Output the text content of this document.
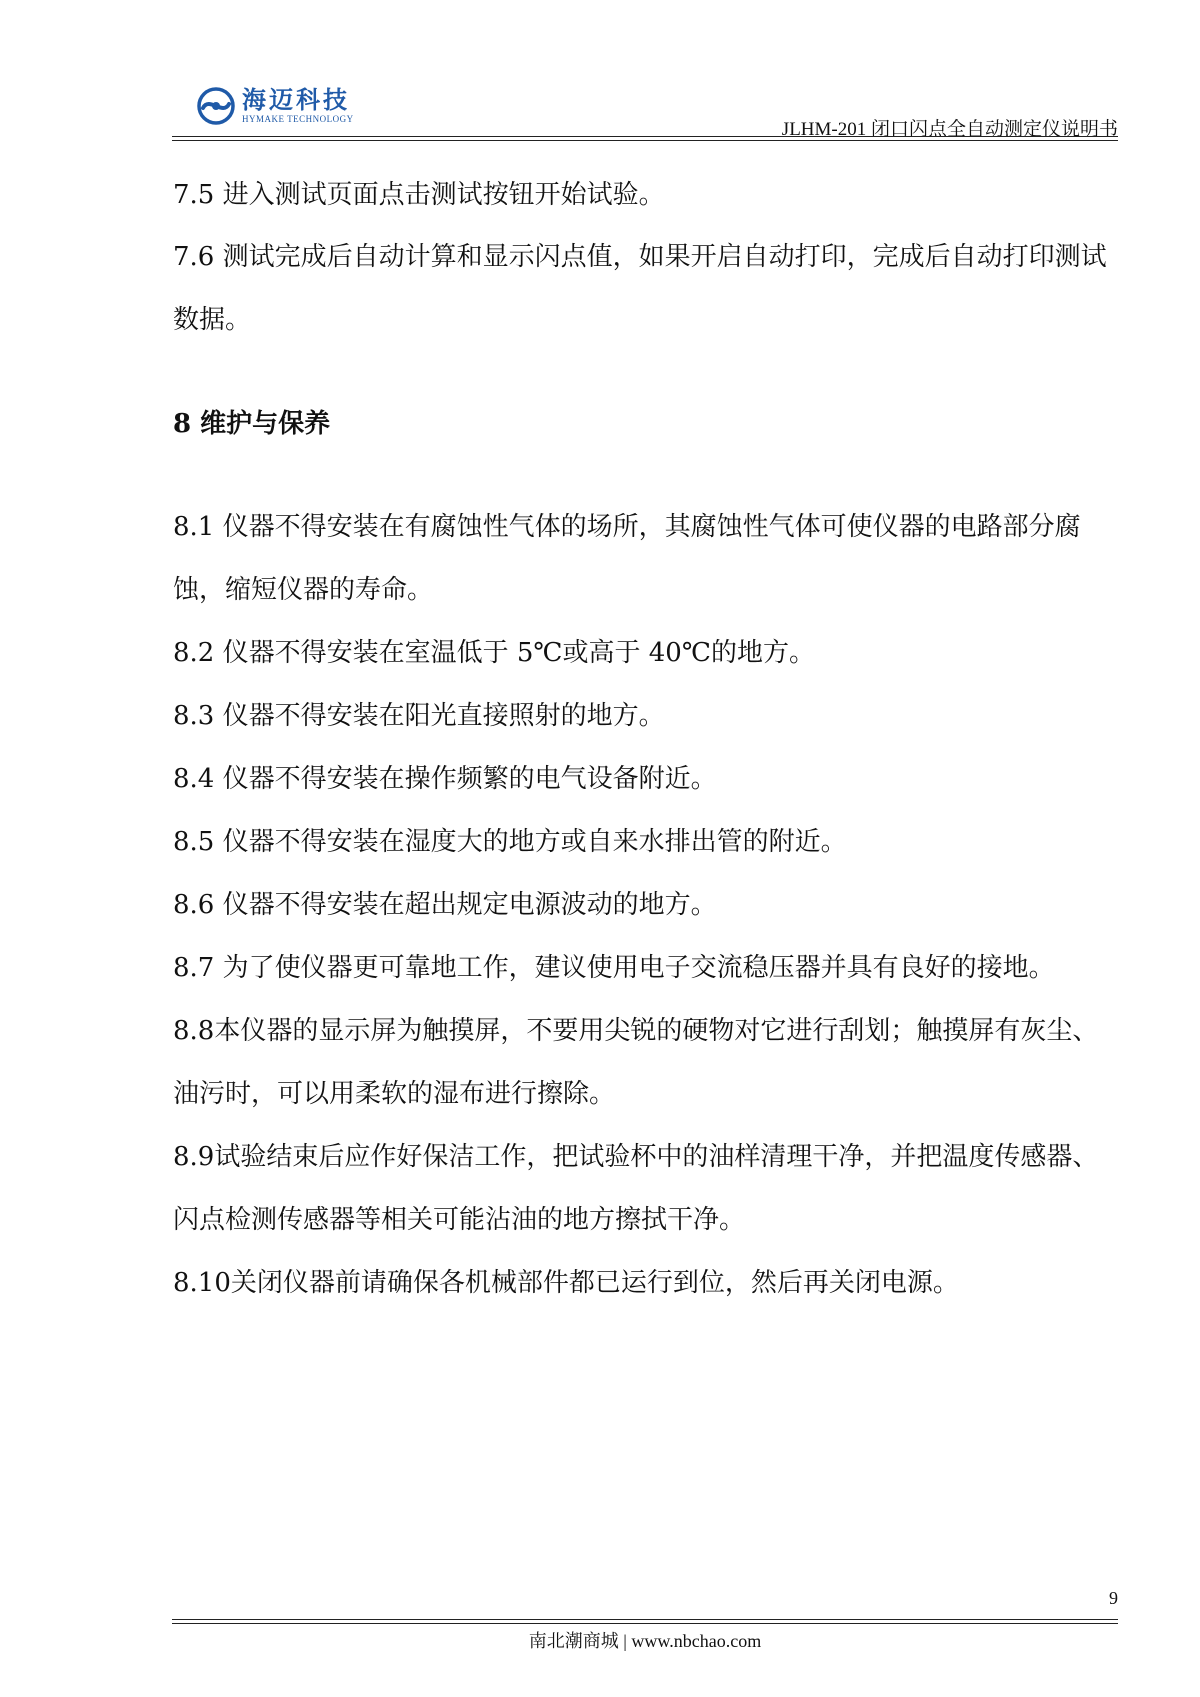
海迈科技
HYMAKE TECHNOLOGY	JLHM-201 闭口闪点全自动测定仪说明书
7.5 进入测试页面点击测试按钮开始试验。
7.6 测试完成后自动计算和显示闪点值，如果开启自动打印，完成后自动打印测试数据。
8 维护与保养
8.1 仪器不得安装在有腐蚀性气体的场所，其腐蚀性气体可使仪器的电路部分腐蚀，缩短仪器的寿命。
8.2 仪器不得安装在室温低于 5℃或高于 40℃的地方。
8.3 仪器不得安装在阳光直接照射的地方。
8.4 仪器不得安装在操作频繁的电气设备附近。
8.5 仪器不得安装在湿度大的地方或自来水排出管的附近。
8.6 仪器不得安装在超出规定电源波动的地方。
8.7 为了使仪器更可靠地工作，建议使用电子交流稳压器并具有良好的接地。
8.8本仪器的显示屏为触摸屏，不要用尖锐的硬物对它进行刮划；触摸屏有灰尘、油污时，可以用柔软的湿布进行擦除。
8.9试验结束后应作好保洁工作，把试验杯中的油样清理干净，并把温度传感器、闪点检测传感器等相关可能沾油的地方擦拭干净。
8.10关闭仪器前请确保各机械部件都已运行到位，然后再关闭电源。
9
南北潮商城 | www.nbchao.com
